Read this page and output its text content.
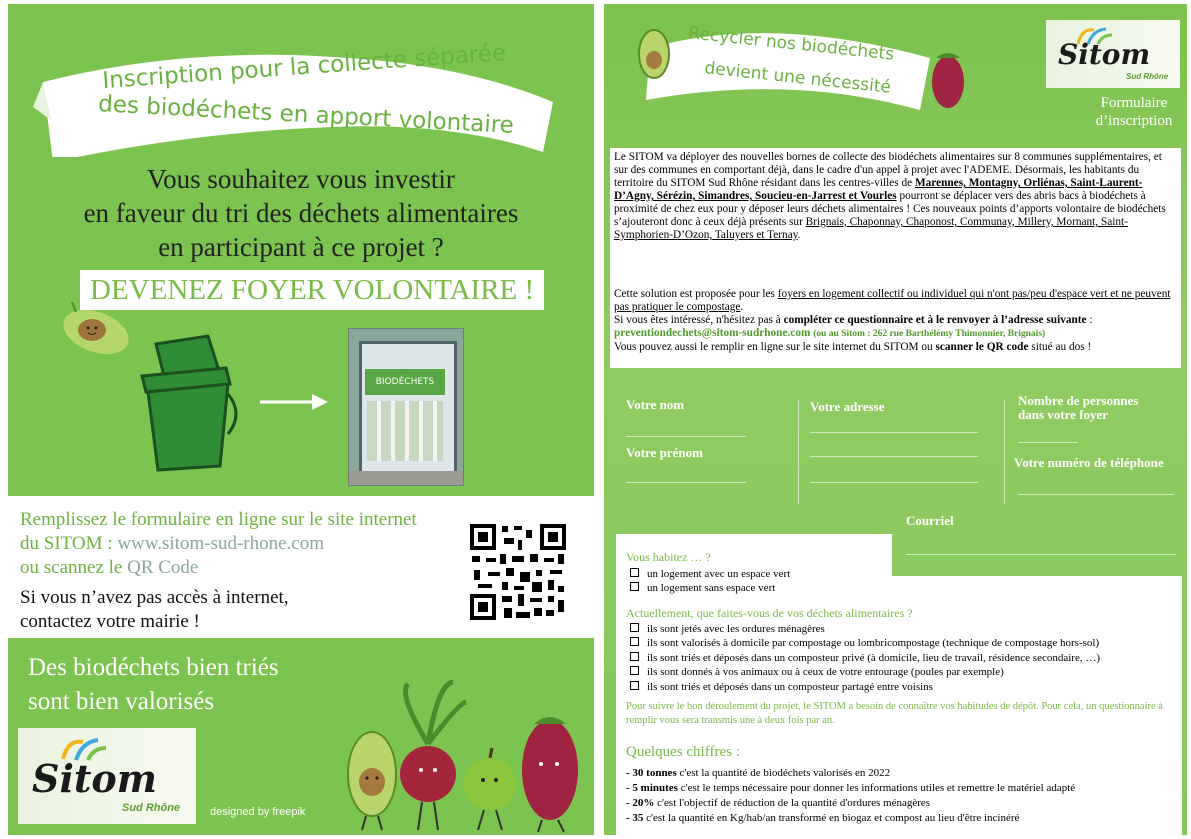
Inscription pour la collecte séparée
des biodéchets en apport volontaire
Vous souhaitez vous investir
en faveur du tri des déchets alimentaires
en participant à ce projet ?
DEVENEZ FOYER VOLONTAIRE !
BIODÉCHETS
Remplissez le formulaire en ligne sur le site internet
du SITOM : www.sitom-sud-rhone.com
ou scannez le QR Code
Si vous n’avez pas accès à internet,
contactez votre mairie !
Des biodéchets bien triés
sont bien valorisés
Sitom
Sud Rhône	designed by freepik
Recycler nos biodéchets
devient une nécessité
Sitom
Sud Rhône
Formulaire
d’inscription
Le SITOM va déployer des nouvelles bornes de collecte des biodéchets alimentaires sur 8 communes supplémentaires, et sur des communes en comportant déjà, dans le cadre d'un appel à projet avec l'ADEME. Désormais, les habitants du territoire du SITOM Sud Rhône résidant dans les centres-villes de Marennes, Montagny, Orliénas, Saint-Laurent-D’Agny, Sérézin, Simandres, Soucieu-en-Jarrest et Vourles pourront se déplacer vers des abris bacs à biodéchets à proximité de chez eux pour y déposer leurs déchets alimentaires ! Ces nouveaux points d’apports volontaire de biodéchets s’ajouteront donc à ceux déjà présents sur Brignais, Chaponnay, Chaponost, Communay, Millery, Mornant, Saint-Symphorien-D’Ozon, Taluyers et Ternay.
Cette solution est proposée pour les foyers en logement collectif ou individuel qui n'ont pas/peu d'espace vert et ne peuvent pas pratiquer le compostage.
Si vous êtes intéressé, n'hésitez pas à compléter ce questionnaire et à le renvoyer à l’adresse suivante :
preventiondechets@sitom-sudrhone.com (ou au Sitom : 262 rue Barthélémy Thimonnier, Brignais)
Vous pouvez aussi le remplir en ligne sur le site internet du SITOM ou scanner le QR code situé au dos !
Votre nom
Votre prénom
Votre adresse	Nombre de personnes
dans votre foyer
Votre numéro de téléphone
Courriel
Vous habitez … ?
un logement avec un espace vert
un logement sans espace vert
Actuellement, que faites-vous de vos déchets alimentaires ?
ils sont jetés avec les ordures ménagères
ils sont valorisés à domicile par compostage ou lombricompostage (technique de compostage hors-sol)
ils sont triés et déposés dans un composteur privé (à domicile, lieu de travail, résidence secondaire, …)
ils sont donnés à vos animaux ou à ceux de votre entourage (poules par exemple)
ils sont triés et déposés dans un composteur partagé entre voisins
Pour suivre le bon déroulement du projet, le SITOM a besoin de connaître vos habitudes de dépôt. Pour cela, un questionnaire à remplir vous sera transmis une à deux fois par an.
Quelques chiffres :
- 30 tonnes c'est la quantité de biodéchets valorisés en 2022
- 5 minutes c'est le temps nécessaire pour donner les informations utiles et remettre le matériel adapté
- 20% c'est l'objectif de réduction de la quantité d'ordures ménagères
- 35 c'est la quantité en Kg/hab/an transformé en biogaz et compost au lieu d'être incinéré
